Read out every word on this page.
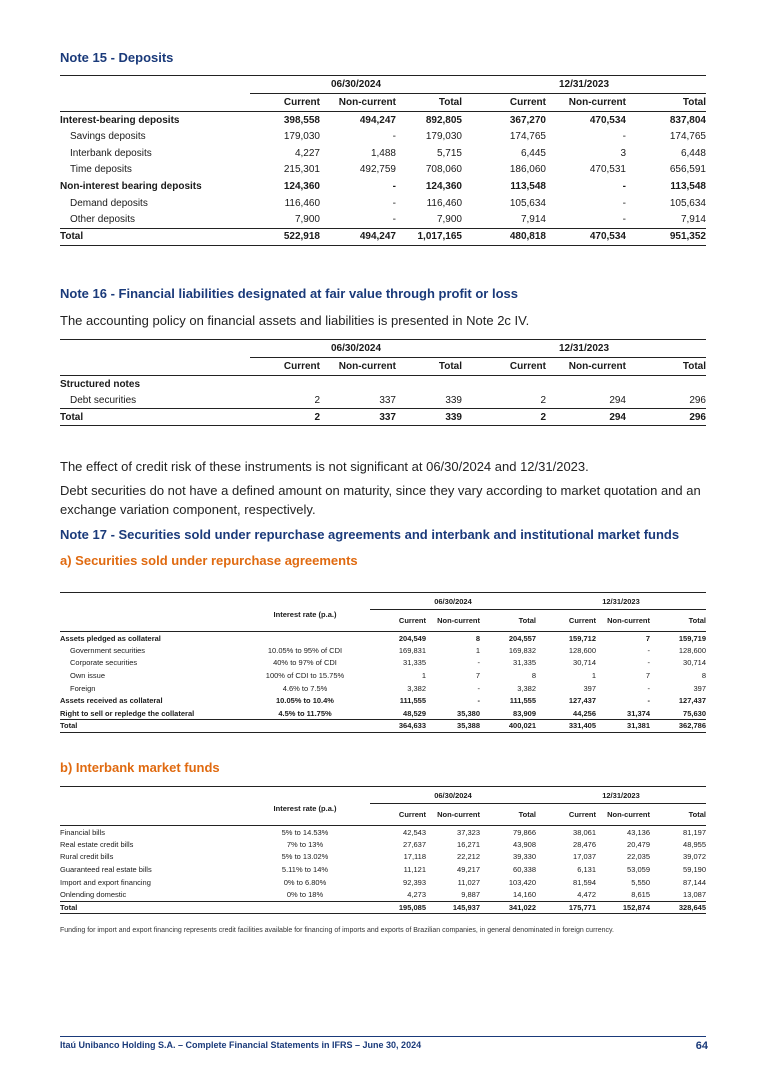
Note 15 - Deposits
	06/30/2024			12/31/2023		
	Current	Non-current	Total	Current	Non-current	Total
Interest-bearing deposits	398,558	494,247	892,805	367,270	470,534	837,804
Savings deposits	179,030	-	179,030	174,765	-	174,765
Interbank deposits	4,227	1,488	5,715	6,445	3	6,448
Time deposits	215,301	492,759	708,060	186,060	470,531	656,591
Non-interest bearing deposits	124,360	-	124,360	113,548	-	113,548
Demand deposits	116,460	-	116,460	105,634	-	105,634
Other deposits	7,900	-	7,900	7,914	-	7,914
Total	522,918	494,247	1,017,165	480,818	470,534	951,352
Note 16 - Financial liabilities designated at fair value through profit or loss
The accounting policy on financial assets and liabilities is presented in Note 2c IV.
	06/30/2024			12/31/2023		
	Current	Non-current	Total	Current	Non-current	Total
Structured notes						
Debt securities	2	337	339	2	294	296
Total	2	337	339	2	294	296
The effect of credit risk of these instruments is not significant at 06/30/2024 and 12/31/2023.
Debt securities do not have a defined amount on maturity, since they vary according to market quotation and an exchange variation component, respectively.
Note 17 - Securities sold under repurchase agreements and interbank and institutional market funds
a) Securities sold under repurchase agreements
		06/30/2024			12/31/2023		
	Interest rate (p.a.)	Current	Non-current	Total	Current	Non-current	Total
Assets pledged as collateral		204,549	8	204,557	159,712	7	159,719
Government securities	10.05% to 95% of CDI	169,831	1	169,832	128,600	-	128,600
Corporate securities	40% to 97% of CDI	31,335	-	31,335	30,714	-	30,714
Own issue	100% of CDI to 15.75%	1	7	8	1	7	8
Foreign	4.6% to 7.5%	3,382	-	3,382	397	-	397
Assets received as collateral	10.05% to 10.4%	111,555	-	111,555	127,437	-	127,437
Right to sell or repledge the collateral	4.5% to 11.75%	48,529	35,380	83,909	44,256	31,374	75,630
Total		364,633	35,388	400,021	331,405	31,381	362,786
b) Interbank market funds
		06/30/2024			12/31/2023		
	Interest rate (p.a.)	Current	Non-current	Total	Current	Non-current	Total
Financial bills	5% to 14.53%	42,543	37,323	79,866	38,061	43,136	81,197
Real estate credit bills	7% to 13%	27,637	16,271	43,908	28,476	20,479	48,955
Rural credit bills	5% to 13.02%	17,118	22,212	39,330	17,037	22,035	39,072
Guaranteed real estate bills	5.11% to 14%	11,121	49,217	60,338	6,131	53,059	59,190
Import and export financing	0% to 6.80%	92,393	11,027	103,420	81,594	5,550	87,144
Onlending domestic	0% to 18%	4,273	9,887	14,160	4,472	8,615	13,087
Total		195,085	145,937	341,022	175,771	152,874	328,645
Funding for import and export financing represents credit facilities available for financing of imports and exports of Brazilian companies, in general denominated in foreign currency.
Itaú Unibanco Holding S.A. – Complete Financial Statements in IFRS – June 30, 2024	64
